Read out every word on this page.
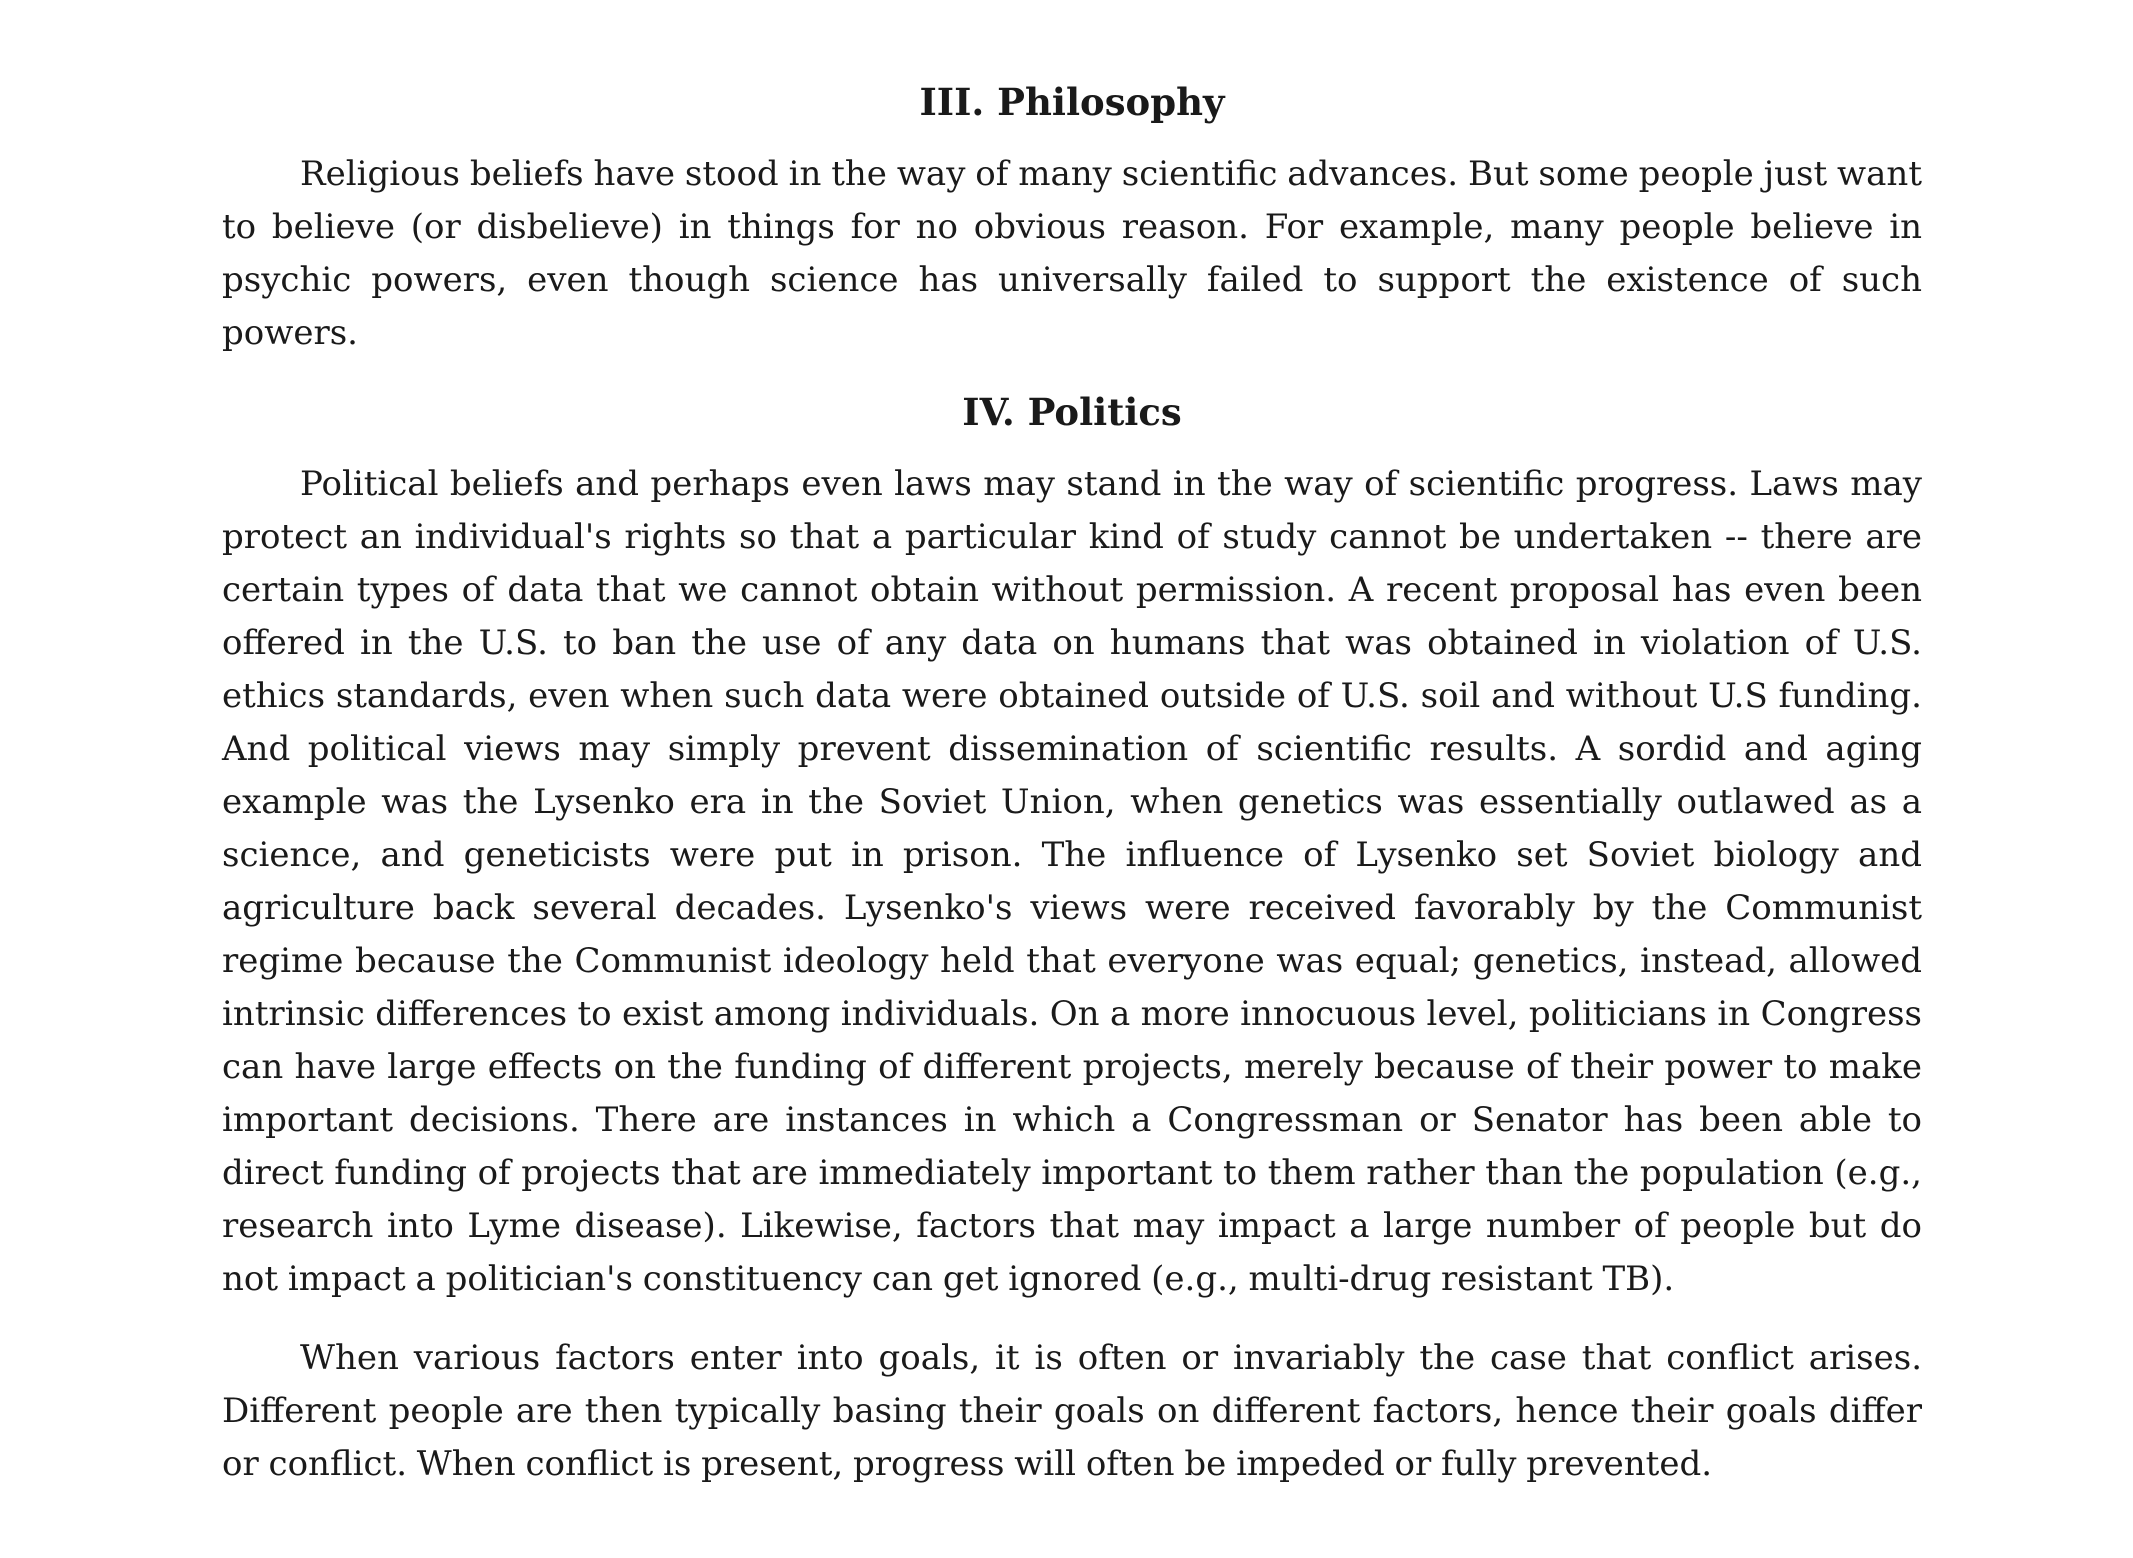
III. Philosophy

Religious beliefs have stood in the way of many scientific advances. But some people just want to believe (or disbelieve) in things for no obvious reason. For example, many people believe in psychic powers, even though science has universally failed to support the existence of such powers.

IV. Politics

Political beliefs and perhaps even laws may stand in the way of scientific progress. Laws may protect an individual's rights so that a particular kind of study cannot be undertaken -- there are certain types of data that we cannot obtain without permission. A recent proposal has even been offered in the U.S. to ban the use of any data on humans that was obtained in violation of U.S. ethics standards, even when such data were obtained outside of U.S. soil and without U.S funding. And political views may simply prevent dissemination of scientific results. A sordid and aging example was the Lysenko era in the Soviet Union, when genetics was essentially outlawed as a science, and geneticists were put in prison. The influence of Lysenko set Soviet biology and agriculture back several decades. Lysenko's views were received favorably by the Communist regime because the Communist ideology held that everyone was equal; genetics, instead, allowed intrinsic differences to exist among individuals. On a more innocuous level, politicians in Congress can have large effects on the funding of different projects, merely because of their power to make important decisions. There are instances in which a Congressman or Senator has been able to direct funding of projects that are immediately important to them rather than the population (e.g., research into Lyme disease). Likewise, factors that may impact a large number of people but do not impact a politician's constituency can get ignored (e.g., multi-drug resistant TB).

When various factors enter into goals, it is often or invariably the case that conflict arises. Different people are then typically basing their goals on different factors, hence their goals differ or conflict. When conflict is present, progress will often be impeded or fully prevented.
